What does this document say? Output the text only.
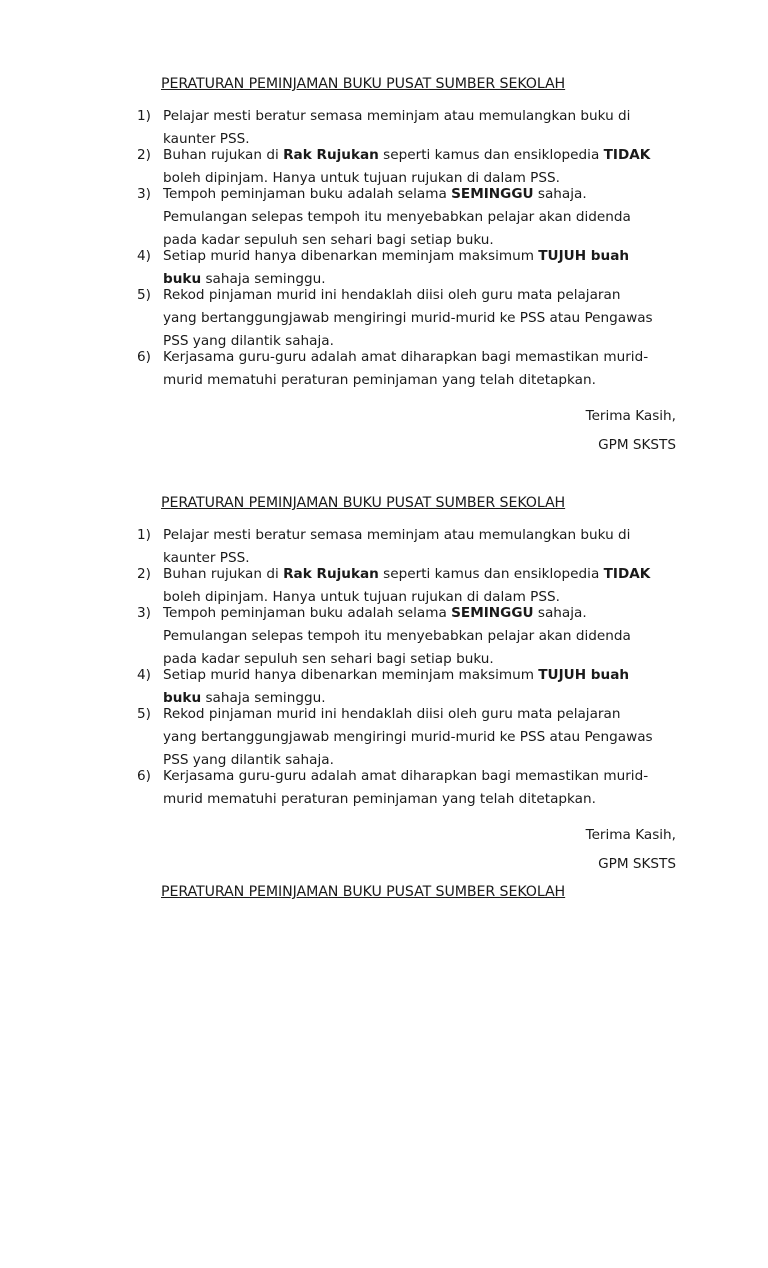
PERATURAN PEMINJAMAN BUKU PUSAT SUMBER SEKOLAH
1) Pelajar mesti beratur semasa meminjam atau memulangkan buku di
kaunter PSS.
2) Buhan rujukan di Rak Rujukan seperti kamus dan ensiklopedia TIDAK
boleh dipinjam. Hanya untuk tujuan rujukan di dalam PSS.
3) Tempoh peminjaman buku adalah selama SEMINGGU sahaja.
Pemulangan selepas tempoh itu menyebabkan pelajar akan didenda
pada kadar sepuluh sen sehari bagi setiap buku.
4) Setiap murid hanya dibenarkan meminjam maksimum TUJUH buah
buku sahaja seminggu.
5) Rekod pinjaman murid ini hendaklah diisi oleh guru mata pelajaran
yang bertanggungjawab mengiringi murid-murid ke PSS atau Pengawas
PSS yang dilantik sahaja.
6) Kerjasama guru-guru adalah amat diharapkan bagi memastikan murid-
murid mematuhi peraturan peminjaman yang telah ditetapkan.
Terima Kasih,
GPM SKSTS
PERATURAN PEMINJAMAN BUKU PUSAT SUMBER SEKOLAH
1) Pelajar mesti beratur semasa meminjam atau memulangkan buku di
kaunter PSS.
2) Buhan rujukan di Rak Rujukan seperti kamus dan ensiklopedia TIDAK
boleh dipinjam. Hanya untuk tujuan rujukan di dalam PSS.
3) Tempoh peminjaman buku adalah selama SEMINGGU sahaja.
Pemulangan selepas tempoh itu menyebabkan pelajar akan didenda
pada kadar sepuluh sen sehari bagi setiap buku.
4) Setiap murid hanya dibenarkan meminjam maksimum TUJUH buah
buku sahaja seminggu.
5) Rekod pinjaman murid ini hendaklah diisi oleh guru mata pelajaran
yang bertanggungjawab mengiringi murid-murid ke PSS atau Pengawas
PSS yang dilantik sahaja.
6) Kerjasama guru-guru adalah amat diharapkan bagi memastikan murid-
murid mematuhi peraturan peminjaman yang telah ditetapkan.
Terima Kasih,
GPM SKSTS
PERATURAN PEMINJAMAN BUKU PUSAT SUMBER SEKOLAH
